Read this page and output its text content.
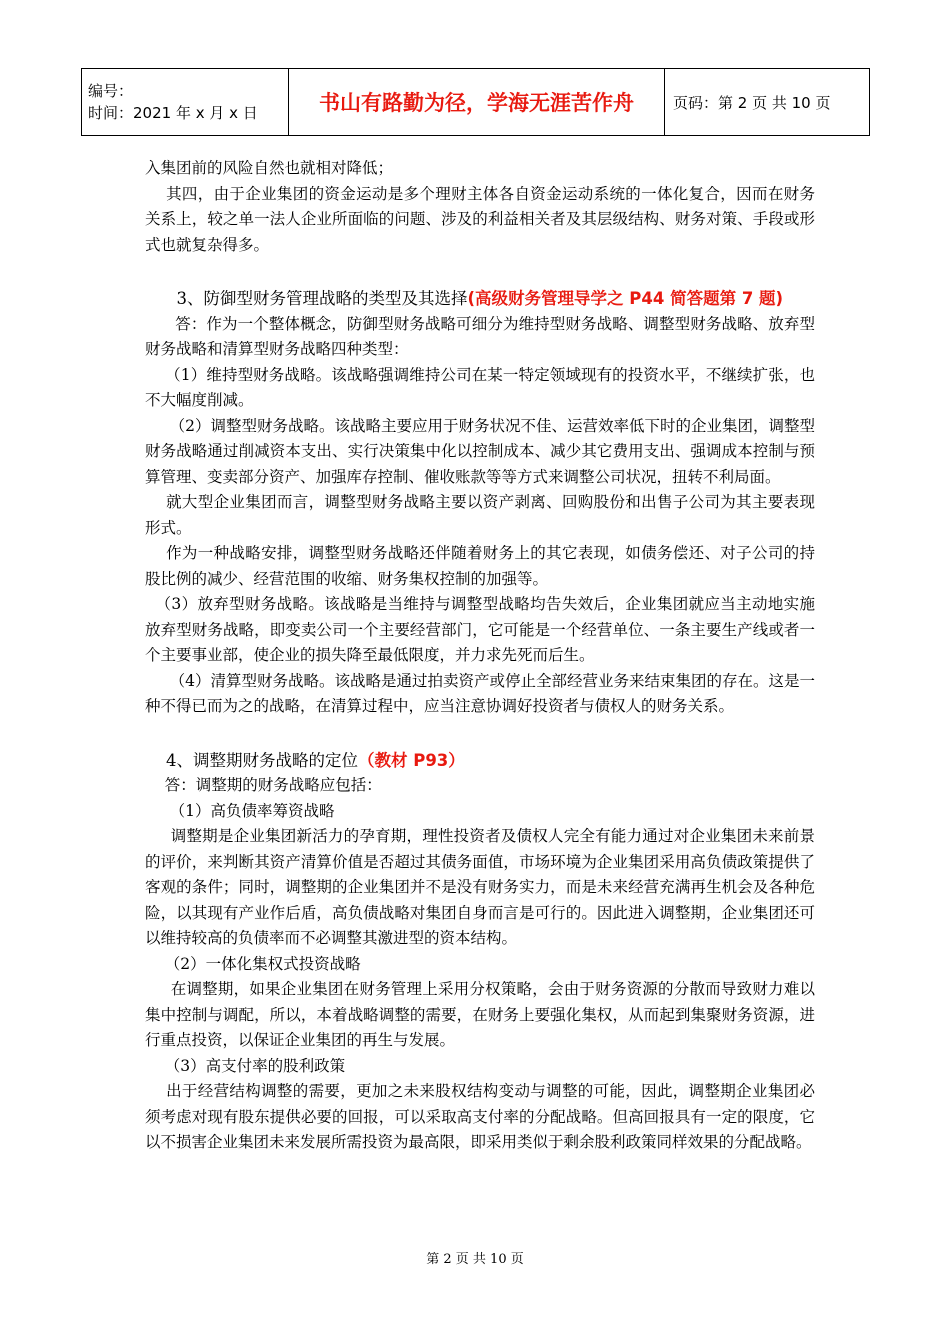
编号：
时间：2021 年 x 月 x 日	书山有路勤为径，学海无涯苦作舟	页码：第 2 页 共 10 页

入集团前的风险自然也就相对降低；

其四，由于企业集团的资金运动是多个理财主体各自资金运动系统的一体化复合，因而在财务关系上，较之单一法人企业所面临的问题、涉及的利益相关者及其层级结构、财务对策、手段或形式也就复杂得多。

3、防御型财务管理战略的类型及其选择(高级财务管理导学之 P44 简答题第 7 题)

答：作为一个整体概念，防御型财务战略可细分为维持型财务战略、调整型财务战略、放弃型财务战略和清算型财务战略四种类型：

（1）维持型财务战略。该战略强调维持公司在某一特定领域现有的投资水平，不继续扩张，也不大幅度削减。

（2）调整型财务战略。该战略主要应用于财务状况不佳、运营效率低下时的企业集团，调整型财务战略通过削减资本支出、实行决策集中化以控制成本、减少其它费用支出、强调成本控制与预算管理、变卖部分资产、加强库存控制、催收账款等等方式来调整公司状况，扭转不利局面。

就大型企业集团而言，调整型财务战略主要以资产剥离、回购股份和出售子公司为其主要表现形式。

作为一种战略安排，调整型财务战略还伴随着财务上的其它表现，如债务偿还、对子公司的持股比例的减少、经营范围的收缩、财务集权控制的加强等。

（3）放弃型财务战略。该战略是当维持与调整型战略均告失效后，企业集团就应当主动地实施放弃型财务战略，即变卖公司一个主要经营部门，它可能是一个经营单位、一条主要生产线或者一个主要事业部，使企业的损失降至最低限度，并力求先死而后生。

（4）清算型财务战略。该战略是通过拍卖资产或停止全部经营业务来结束集团的存在。这是一种不得已而为之的战略，在清算过程中，应当注意协调好投资者与债权人的财务关系。

4、调整期财务战略的定位（教材 P93）

答：调整期的财务战略应包括：

（1）高负债率筹资战略

调整期是企业集团新活力的孕育期，理性投资者及债权人完全有能力通过对企业集团未来前景的评价，来判断其资产清算价值是否超过其债务面值，市场环境为企业集团采用高负债政策提供了客观的条件；同时，调整期的企业集团并不是没有财务实力，而是未来经营充满再生机会及各种危险，以其现有产业作后盾，高负债战略对集团自身而言是可行的。因此进入调整期，企业集团还可以维持较高的负债率而不必调整其激进型的资本结构。

（2）一体化集权式投资战略

在调整期，如果企业集团在财务管理上采用分权策略，会由于财务资源的分散而导致财力难以集中控制与调配，所以，本着战略调整的需要，在财务上要强化集权，从而起到集聚财务资源，进行重点投资，以保证企业集团的再生与发展。

（3）高支付率的股利政策

出于经营结构调整的需要，更加之未来股权结构变动与调整的可能，因此，调整期企业集团必须考虑对现有股东提供必要的回报，可以采取高支付率的分配战略。但高回报具有一定的限度，它以不损害企业集团未来发展所需投资为最高限，即采用类似于剩余股利政策同样效果的分配战略。

第 2 页 共 10 页
